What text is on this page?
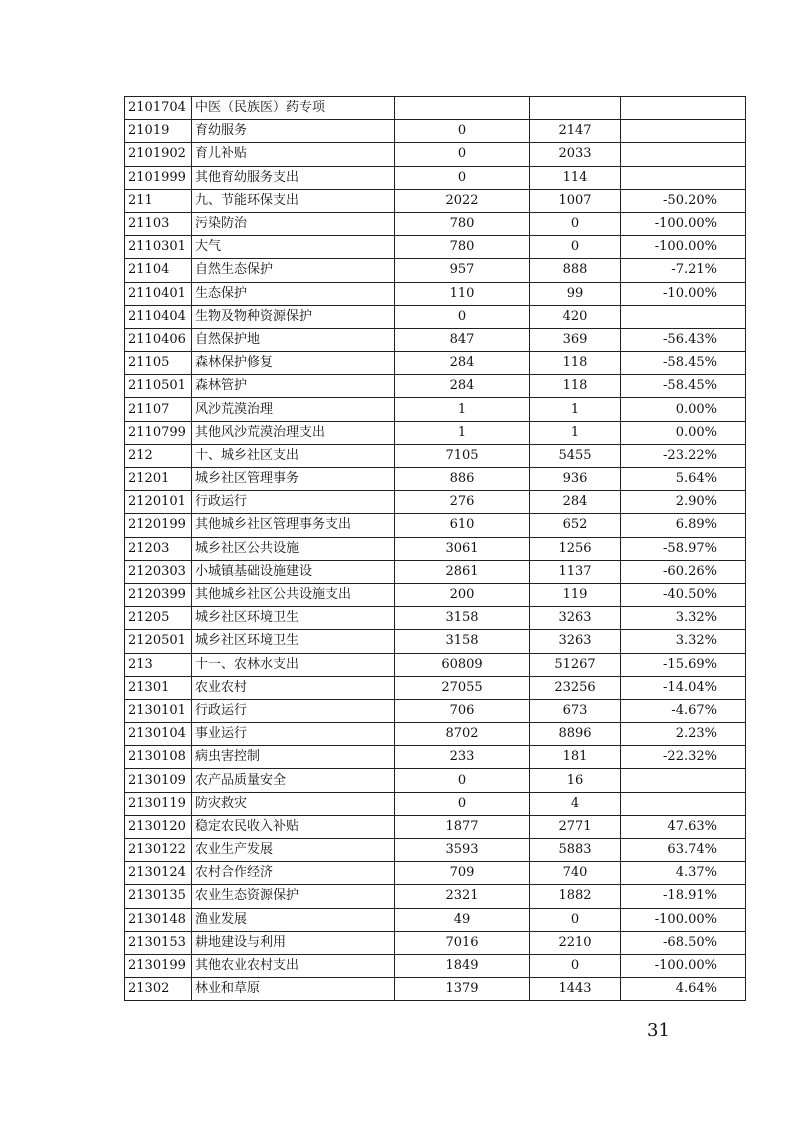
2101704	中医（民族医）药专项			
21019	育幼服务	0	2147	
2101902	育儿补贴	0	2033	
2101999	其他育幼服务支出	0	114	
211	九、节能环保支出	2022	1007	-50.20%
21103	污染防治	780	0	-100.00%
2110301	大气	780	0	-100.00%
21104	自然生态保护	957	888	-7.21%
2110401	生态保护	110	99	-10.00%
2110404	生物及物种资源保护	0	420	
2110406	自然保护地	847	369	-56.43%
21105	森林保护修复	284	118	-58.45%
2110501	森林管护	284	118	-58.45%
21107	风沙荒漠治理	1	1	0.00%
2110799	其他风沙荒漠治理支出	1	1	0.00%
212	十、城乡社区支出	7105	5455	-23.22%
21201	城乡社区管理事务	886	936	5.64%
2120101	行政运行	276	284	2.90%
2120199	其他城乡社区管理事务支出	610	652	6.89%
21203	城乡社区公共设施	3061	1256	-58.97%
2120303	小城镇基础设施建设	2861	1137	-60.26%
2120399	其他城乡社区公共设施支出	200	119	-40.50%
21205	城乡社区环境卫生	3158	3263	3.32%
2120501	城乡社区环境卫生	3158	3263	3.32%
213	十一、农林水支出	60809	51267	-15.69%
21301	农业农村	27055	23256	-14.04%
2130101	行政运行	706	673	-4.67%
2130104	事业运行	8702	8896	2.23%
2130108	病虫害控制	233	181	-22.32%
2130109	农产品质量安全	0	16	
2130119	防灾救灾	0	4	
2130120	稳定农民收入补贴	1877	2771	47.63%
2130122	农业生产发展	3593	5883	63.74%
2130124	农村合作经济	709	740	4.37%
2130135	农业生态资源保护	2321	1882	-18.91%
2130148	渔业发展	49	0	-100.00%
2130153	耕地建设与利用	7016	2210	-68.50%
2130199	其他农业农村支出	1849	0	-100.00%
21302	林业和草原	1379	1443	4.64%
31
